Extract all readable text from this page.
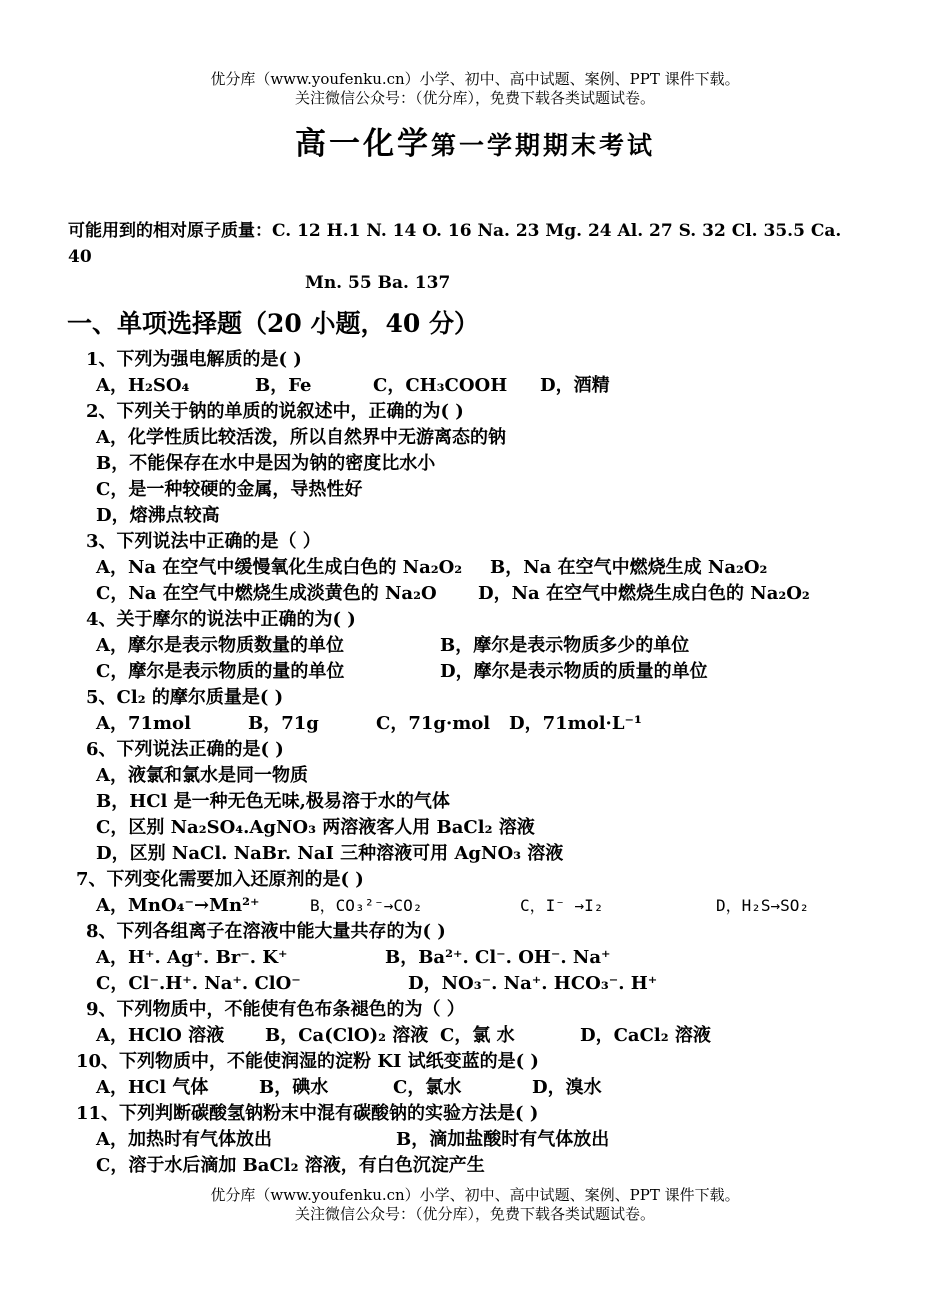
优分库（www.youfenku.cn）小学、初中、高中试题、案例、PPT 课件下载。
关注微信公众号：（优分库），免费下载各类试题试卷。
高一化学第一学期期末考试
可能用到的相对原子质量：C. 12 H.1 N. 14 O. 16 Na. 23 Mg. 24 Al. 27 S. 32 Cl. 35.5 Ca. 40
Mn. 55 Ba. 137
一、单项选择题（20 小题，40 分）
1、下列为强电解质的是( )
A，H₂SO₄	B，Fe	C，CH₃COOH D，酒精
2、下列关于钠的单质的说叙述中，正确的为( )
A，化学性质比较活泼，所以自然界中无游离态的钠
B，不能保存在水中是因为钠的密度比水小
C，是一种较硬的金属，导热性好
D，熔沸点较高
3、下列说法中正确的是（ ）
A，Na 在空气中缓慢氧化生成白色的 Na₂O₂ B，Na 在空气中燃烧生成 Na₂O₂
C，Na 在空气中燃烧生成淡黄色的 Na₂O D，Na 在空气中燃烧生成白色的 Na₂O₂
4、关于摩尔的说法中正确的为( )
A，摩尔是表示物质数量的单位	B，摩尔是表示物质多少的单位
C，摩尔是表示物质的量的单位	D，摩尔是表示物质的质量的单位
5、Cl₂ 的摩尔质量是( )
A，71mol	B，71g	C，71g·mol D，71mol·L⁻¹
6、下列说法正确的是( )
A，液氯和氯水是同一物质
B，HCl 是一种无色无味,极易溶于水的气体
C，区别 Na₂SO₄.AgNO₃ 两溶液客人用 BaCl₂ 溶液
D，区别 NaCl. NaBr. NaI 三种溶液可用 AgNO₃ 溶液
7、下列变化需要加入还原剂的是( )
A，MnO₄⁻→Mn²⁺	B，CO₃²⁻→CO₂	C，I⁻ →I₂	D，H₂S→SO₂
8、下列各组离子在溶液中能大量共存的为( )
A，H⁺. Ag⁺. Br⁻. K⁺	B，Ba²⁺. Cl⁻. OH⁻. Na⁺
C，Cl⁻.H⁺. Na⁺. ClO⁻	D，NO₃⁻. Na⁺. HCO₃⁻. H⁺
9、下列物质中，不能使有色布条褪色的为（ ）
A，HClO 溶液 B，Ca(ClO)₂ 溶液 C，氯 水	D，CaCl₂ 溶液
10、下列物质中，不能使润湿的淀粉 KI 试纸变蓝的是( )
A，HCl 气体	B，碘水	C，氯水	D，溴水
11、下列判断碳酸氢钠粉末中混有碳酸钠的实验方法是( )
A，加热时有气体放出	B，滴加盐酸时有气体放出
C，溶于水后滴加 BaCl₂ 溶液，有白色沉淀产生
优分库（www.youfenku.cn）小学、初中、高中试题、案例、PPT 课件下载。
关注微信公众号：（优分库），免费下载各类试题试卷。
